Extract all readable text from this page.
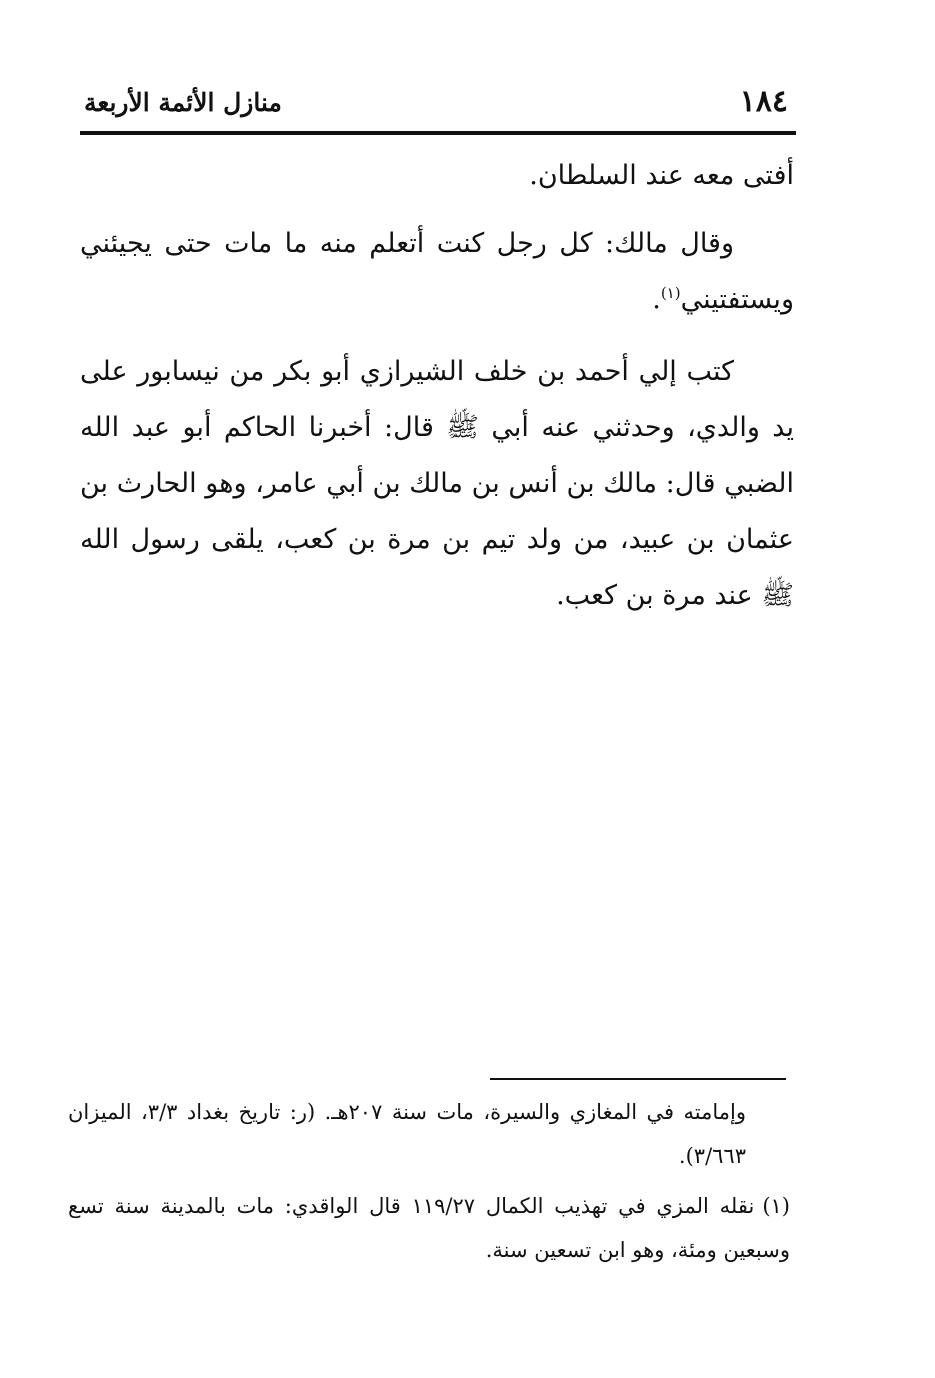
١٨٤
منازل الأئمة الأربعة

أفتى معه عند السلطان.

وقال مالك: كل رجل كنت أتعلم منه ما مات حتى يجيئني ويستفتيني$^{(١)}$.

كتب إلي أحمد بن خلف الشيرازي أبو بكر من نيسابور على يد والدي، وحدثني عنه أبي ﷺ قال: أخبرنا الحاكم أبو عبد الله الضبي قال: مالك بن أنس بن مالك بن أبي عامر، وهو الحارث بن عثمان بن عبيد، من ولد تيم بن مرة بن كعب، يلقى رسول الله ﷺ عند مرة بن كعب.

وإمامته في المغازي والسيرة، مات سنة ٢٠٧هـ. (ر: تاريخ بغداد ٣/٣، الميزان ٣/٦٦٣).

(١)نقله المزي في تهذيب الكمال ١١٩/٢٧ قال الواقدي: مات بالمدينة سنة تسع وسبعين ومئة، وهو ابن تسعين سنة.
